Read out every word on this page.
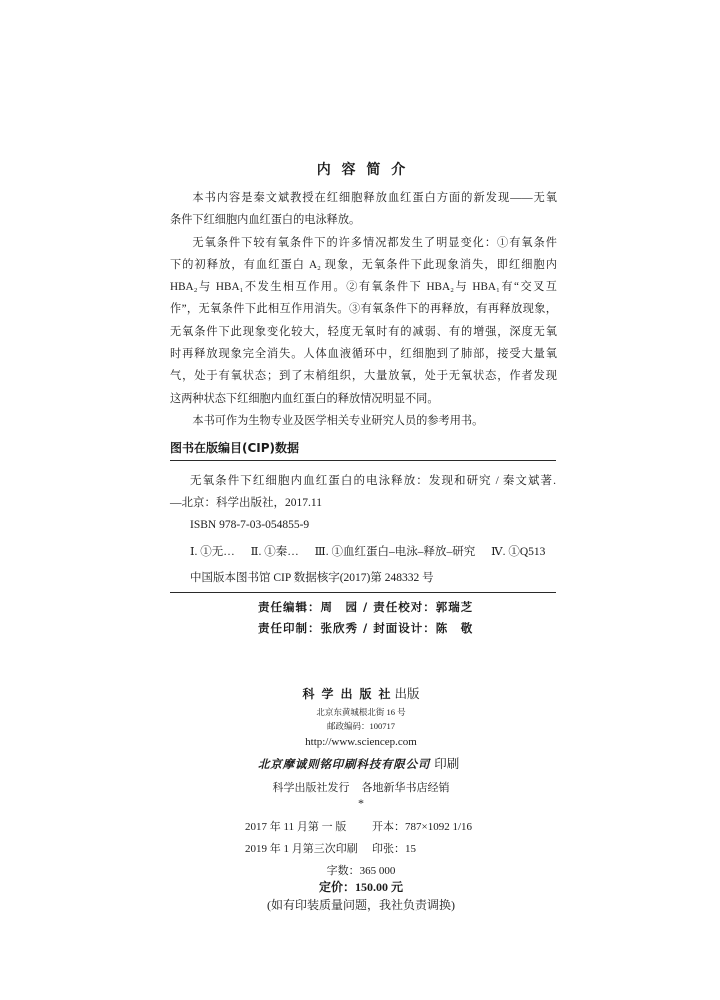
内 容 简 介
本书内容是秦文斌教授在红细胞释放血红蛋白方面的新发现——无氧
条件下红细胞内血红蛋白的电泳释放。
无氧条件下较有氧条件下的许多情况都发生了明显变化：①有氧条件
下的初释放，有血红蛋白 A₂ 现象，无氧条件下此现象消失，即红细胞内
HBA₂与 HBA₁不发生相互作用。②有氧条件下 HBA₂与 HBA₁有“交叉互
作”，无氧条件下此相互作用消失。③有氧条件下的再释放，有再释放现象，
无氧条件下此现象变化较大，轻度无氧时有的减弱、有的增强，深度无氧
时再释放现象完全消失。人体血液循环中，红细胞到了肺部，接受大量氧
气，处于有氧状态；到了末梢组织，大量放氧，处于无氧状态，作者发现
这两种状态下红细胞内血红蛋白的释放情况明显不同。
本书可作为生物专业及医学相关专业研究人员的参考用书。
图书在版编目(CIP)数据
无氧条件下红细胞内血红蛋白的电泳释放：发现和研究 / 秦文斌著.
—北京：科学出版社，2017.11
ISBN 978-7-03-054855-9
Ⅰ. ①无… Ⅱ. ①秦… Ⅲ. ①血红蛋白–电泳–释放–研究 Ⅳ. ①Q513
中国版本图书馆 CIP 数据核字(2017)第 248332 号
责任编辑：周　园 / 责任校对：郭瑞芝
责任印制：张欣秀 / 封面设计：陈　敬
科 学 出 版 社 出版
北京东黄城根北街 16 号
邮政编码：100717
http://www.sciencep.com
北京摩诚则铭印刷科技有限公司 印刷
科学出版社发行 各地新华书店经销
*
2017 年 11 月第 一 版 开本：787×1092 1/16
2019 年 1 月第三次印刷 印张：15
字数：365 000
定价：150.00 元
(如有印装质量问题，我社负责调换)
